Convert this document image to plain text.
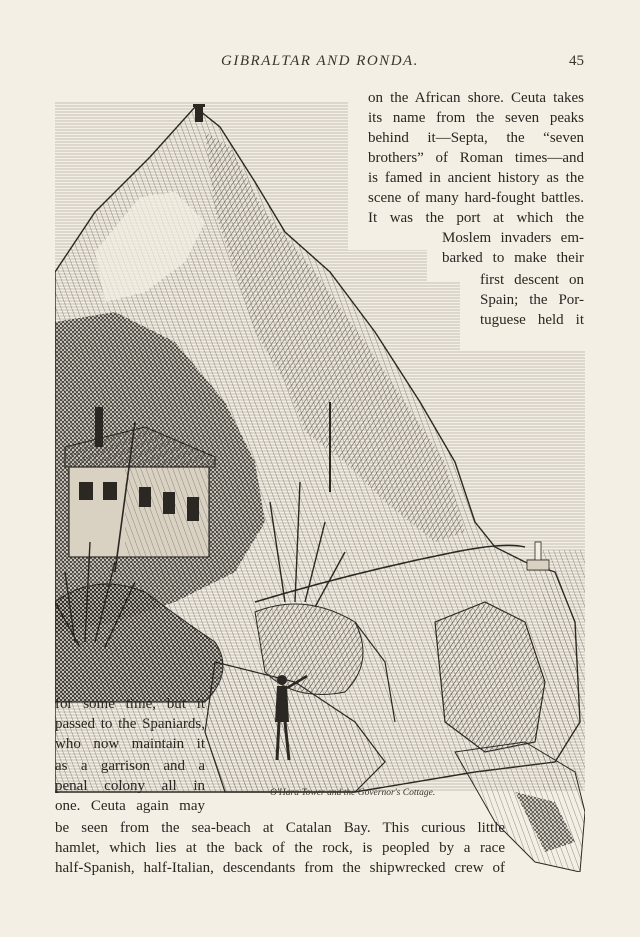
GIBRALTAR AND RONDA.	45
on the African shore. Ceuta takes
its name from the seven peaks
behind it—Septa, the “seven
brothers” of Roman times—and
is famed in ancient history as the
scene of many hard-fought battles.
It was the port at which the
Moslem invaders em-
barked to make their
first descent on
Spain; the Por-
tuguese held it
for some time, but it
passed to the Spaniards,
who now maintain it
as a garrison and a
penal colony all in
one. Ceuta again may
be seen from the sea-beach at Catalan Bay. This curious little
hamlet, which lies at the back of the rock, is peopled by a race
half-Spanish, half-Italian, descendants from the shipwrecked crew of
O'Hara Tower and the Governor's Cottage.
